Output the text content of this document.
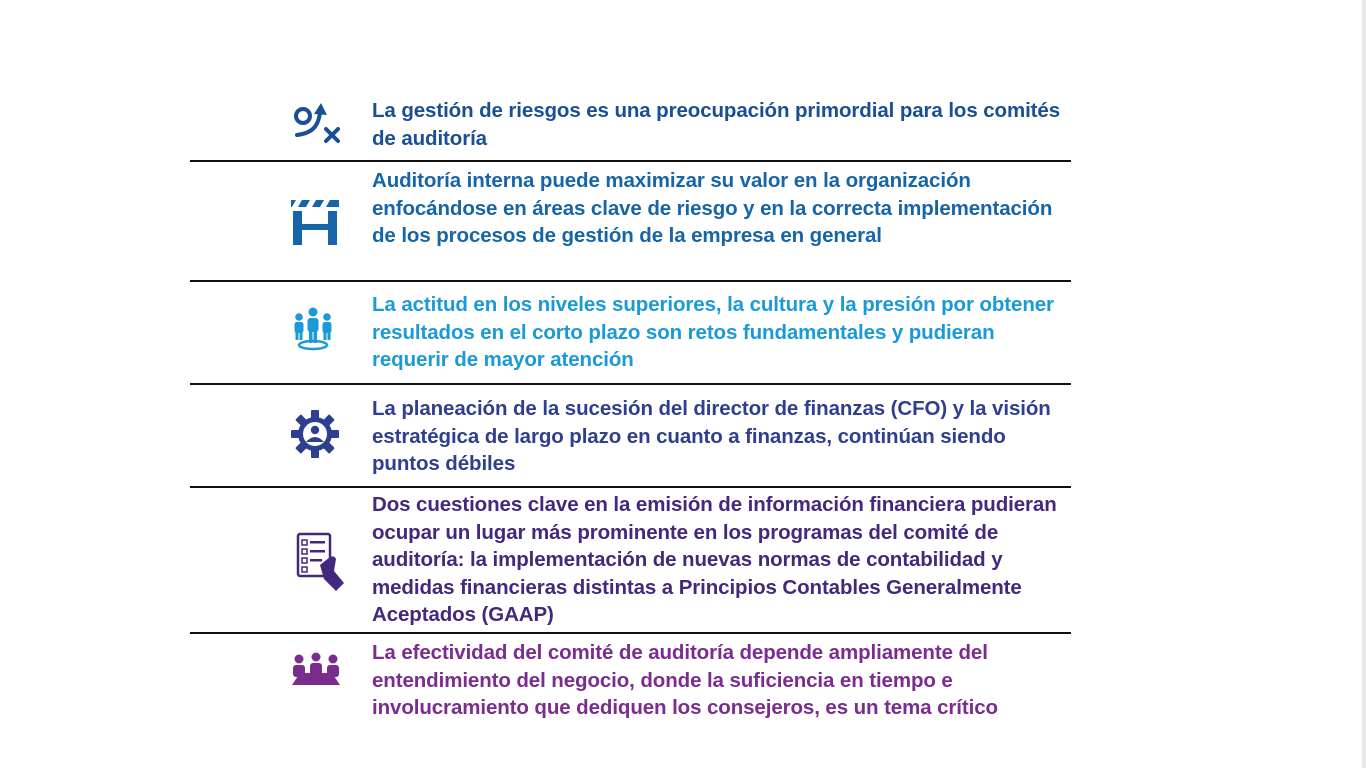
La gestión de riesgos es una preocupación primordial para los comités de auditoría

Auditoría interna puede maximizar su valor en la organización enfocándose en áreas clave de riesgo y en la correcta implementación de los procesos de gestión de la empresa en general

La actitud en los niveles superiores, la cultura y la presión por obtener resultados en el corto plazo son retos fundamentales y pudieran requerir de mayor atención

La planeación de la sucesión del director de finanzas (CFO) y la visión estratégica de largo plazo en cuanto a finanzas, continúan siendo puntos débiles

Dos cuestiones clave en la emisión de información financiera pudieran ocupar un lugar más prominente en los programas del comité de auditoría: la implementación de nuevas normas de contabilidad y medidas financieras distintas a Principios Contables Generalmente Aceptados (GAAP)

La efectividad del comité de auditoría depende ampliamente del entendimiento del negocio, donde la suficiencia en tiempo e involucramiento que dediquen los consejeros, es un tema crítico
